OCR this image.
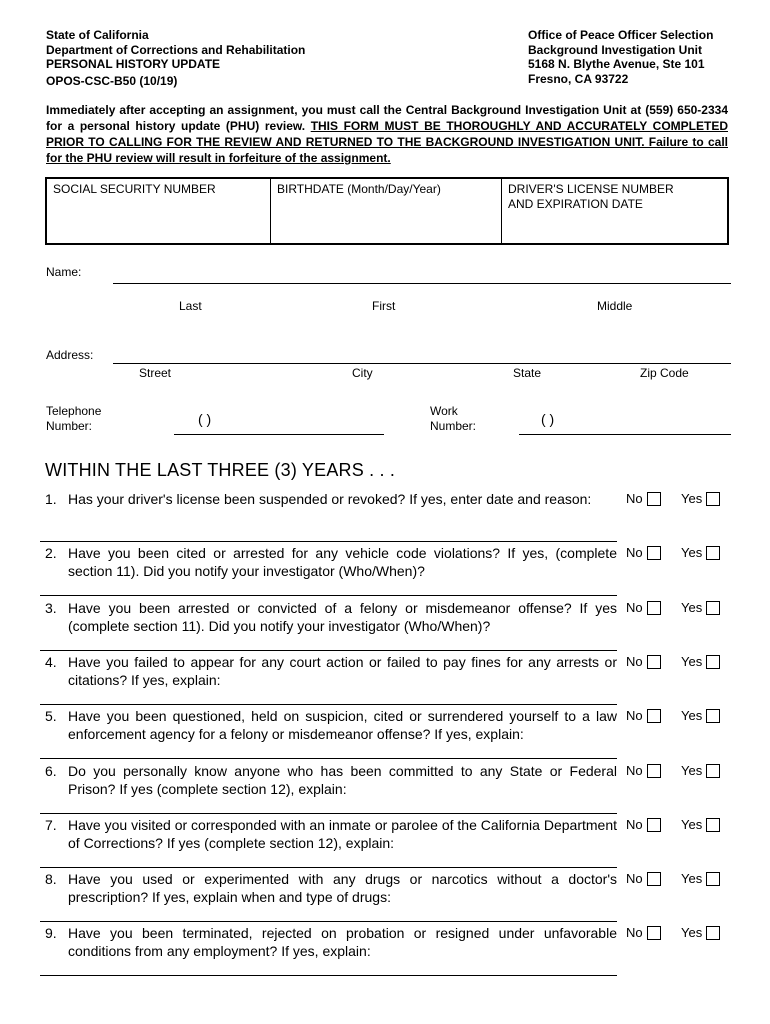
State of California
Department of Corrections and Rehabilitation
PERSONAL HISTORY UPDATE
OPOS-CSC-B50 (10/19)
Office of Peace Officer Selection
Background Investigation Unit
5168 N. Blythe Avenue, Ste 101
Fresno, CA 93722
Immediately after accepting an assignment, you must call the Central Background Investigation Unit at (559) 650-2334 for a personal history update (PHU) review. THIS FORM MUST BE THOROUGHLY AND ACCURATELY COMPLETED PRIOR TO CALLING FOR THE REVIEW AND RETURNED TO THE BACKGROUND INVESTIGATION UNIT. Failure to call for the PHU review will result in forfeiture of the assignment.
SOCIAL SECURITY NUMBER	BIRTHDATE (Month/Day/Year)	DRIVER'S LICENSE NUMBER
AND EXPIRATION DATE
Name:
Last	First	Middle
Address:
Street	City	State	Zip Code
Telephone
Number:	( )	Work
Number:	( )
WITHIN THE LAST THREE (3) YEARS . . .
1. Has your driver's license been suspended or revoked? If yes, enter date and reason:	No	Yes
2. Have you been cited or arrested for any vehicle code violations? If yes, (complete section 11). Did you notify your investigator (Who/When)?
No	Yes
3. Have you been arrested or convicted of a felony or misdemeanor offense? If yes (complete section 11). Did you notify your investigator (Who/When)?
No	Yes
4. Have you failed to appear for any court action or failed to pay fines for any arrests or citations? If yes, explain:
No	Yes
5. Have you been questioned, held on suspicion, cited or surrendered yourself to a law enforcement agency for a felony or misdemeanor offense? If yes, explain:
No	Yes
6. Do you personally know anyone who has been committed to any State or Federal Prison? If yes (complete section 12), explain:
No	Yes
7. Have you visited or corresponded with an inmate or parolee of the California Department of Corrections? If yes (complete section 12), explain:
No	Yes
8. Have you used or experimented with any drugs or narcotics without a doctor's prescription? If yes, explain when and type of drugs:
No	Yes
9. Have you been terminated, rejected on probation or resigned under unfavorable conditions from any employment? If yes, explain:
No	Yes
